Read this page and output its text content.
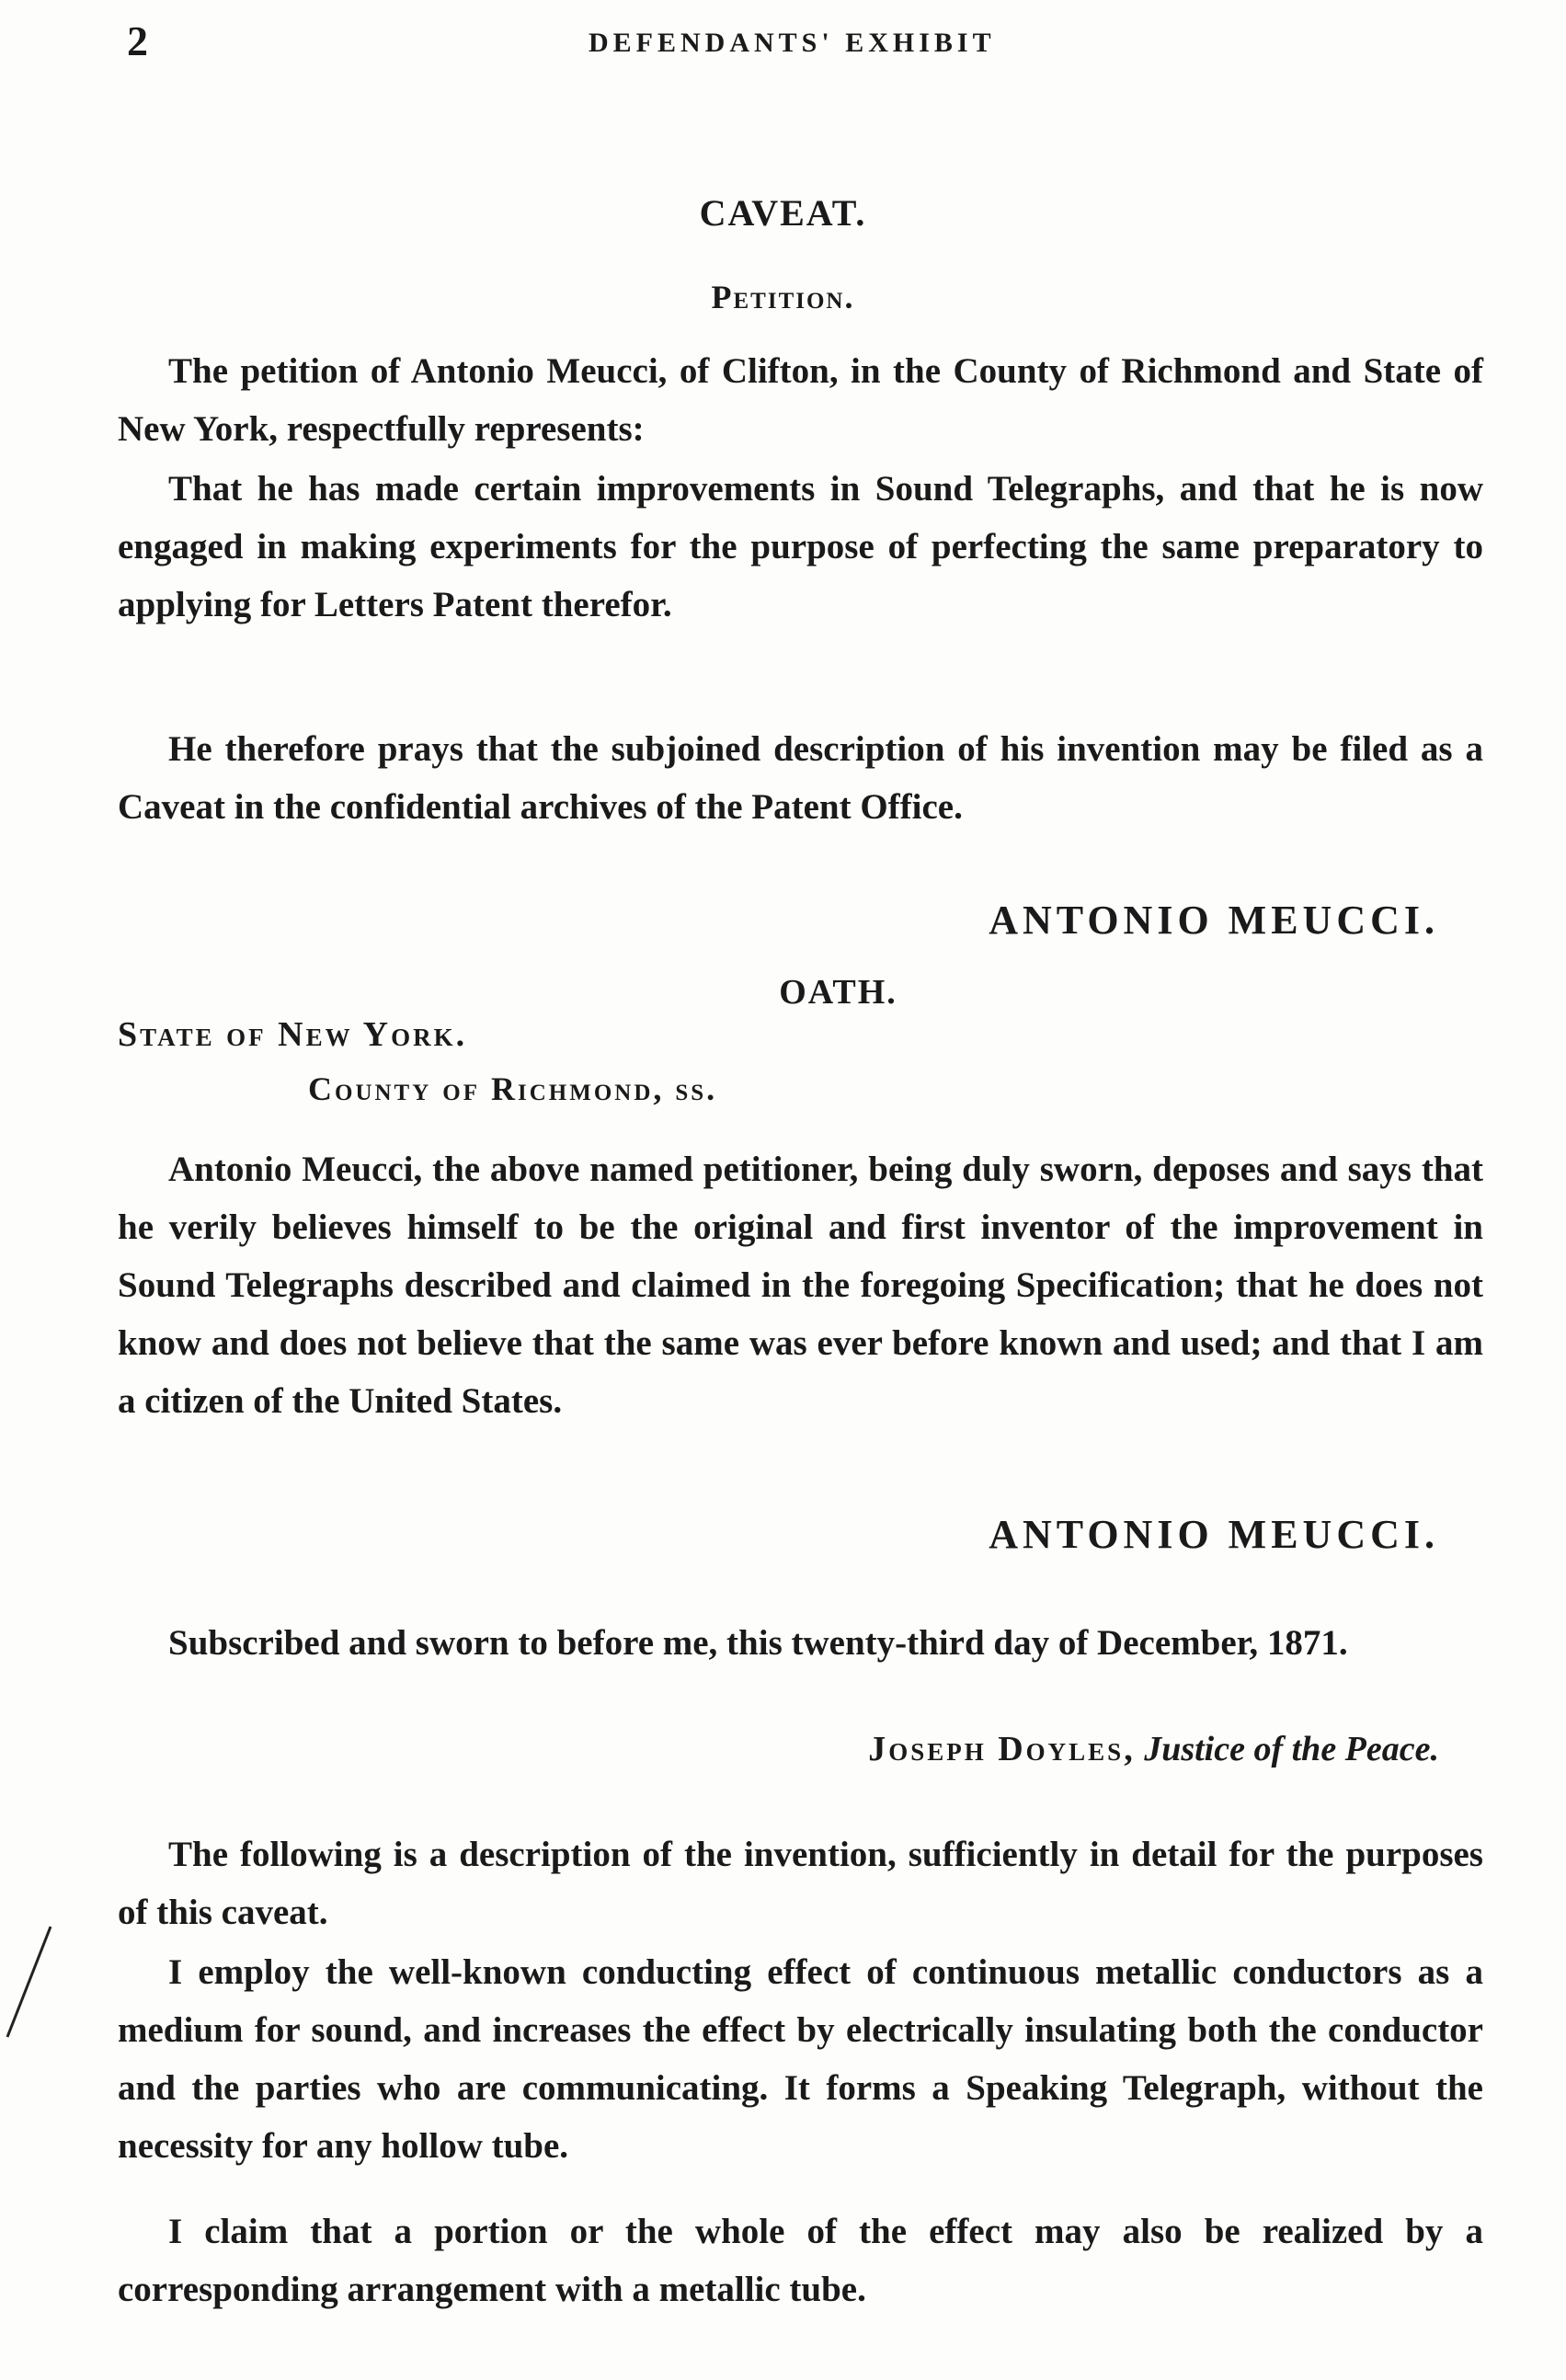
2	DEFENDANTS' EXHIBIT
CAVEAT.
Petition.

The petition of Antonio Meucci, of Clifton, in the County of Richmond and State of New York, respectfully represents:

That he has made certain improvements in Sound Telegraphs, and that he is now engaged in making experiments for the purpose of perfecting the same preparatory to applying for Letters Patent therefor.

He therefore prays that the subjoined description of his invention may be filed as a Caveat in the confidential archives of the Patent Office.

ANTONIO MEUCCI.
OATH.
State of New York.
County of Richmond, ss.

Antonio Meucci, the above named petitioner, being duly sworn, deposes and says that he verily believes himself to be the original and first inventor of the improvement in Sound Telegraphs described and claimed in the foregoing Specification; that he does not know and does not believe that the same was ever before known and used; and that I am a citizen of the United States.

ANTONIO MEUCCI.

Subscribed and sworn to before me, this twenty-third day of December, 1871.

Joseph Doyles, Justice of the Peace.

The following is a description of the invention, sufficiently in detail for the purposes of this caveat.

I employ the well-known conducting effect of continuous metallic conductors as a medium for sound, and increases the effect by electrically insulating both the conductor and the parties who are communicating. It forms a Speaking Telegraph, without the necessity for any hollow tube.

I claim that a portion or the whole of the effect may also be realized by a corresponding arrangement with a metallic tube.
